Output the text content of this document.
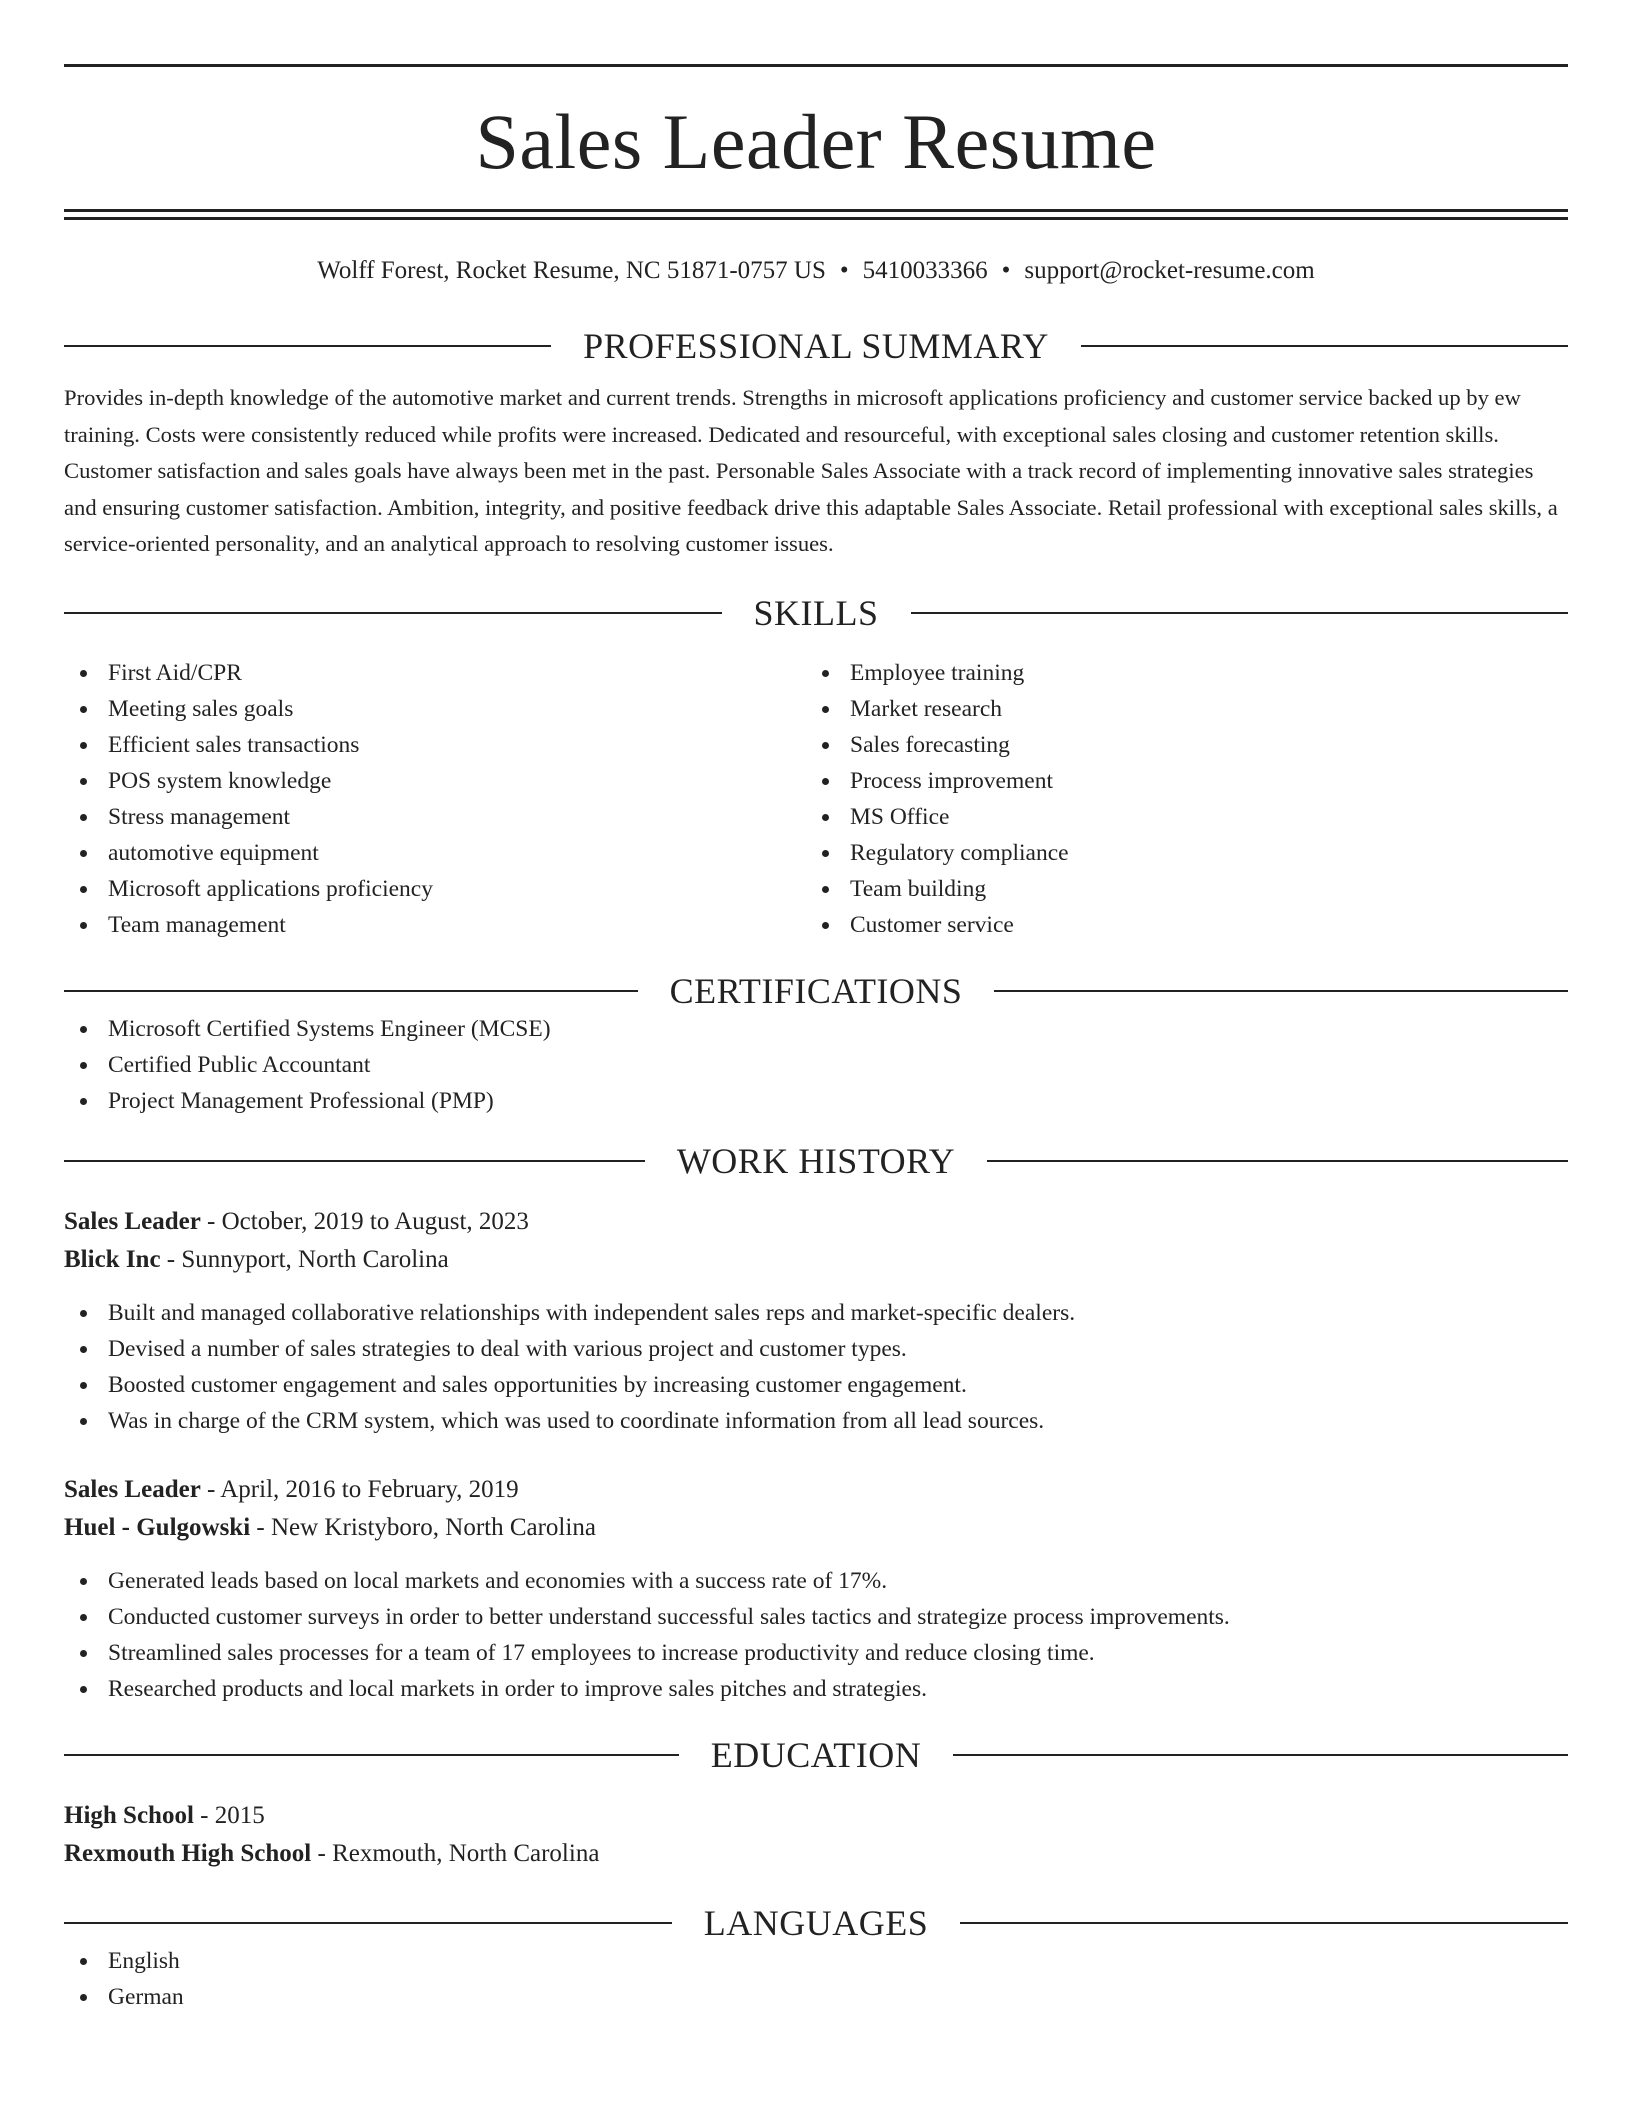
Sales Leader Resume
Wolff Forest, Rocket Resume, NC 51871-0757 US • 5410033366 • support@rocket-resume.com
PROFESSIONAL SUMMARY
Provides in-depth knowledge of the automotive market and current trends. Strengths in microsoft applications proficiency and customer service backed up by ew training. Costs were consistently reduced while profits were increased. Dedicated and resourceful, with exceptional sales closing and customer retention skills. Customer satisfaction and sales goals have always been met in the past. Personable Sales Associate with a track record of implementing innovative sales strategies and ensuring customer satisfaction. Ambition, integrity, and positive feedback drive this adaptable Sales Associate. Retail professional with exceptional sales skills, a service-oriented personality, and an analytical approach to resolving customer issues.
SKILLS
First Aid/CPR
Meeting sales goals
Efficient sales transactions
POS system knowledge
Stress management
automotive equipment
Microsoft applications proficiency
Team management
Employee training
Market research
Sales forecasting
Process improvement
MS Office
Regulatory compliance
Team building
Customer service
CERTIFICATIONS
Microsoft Certified Systems Engineer (MCSE)
Certified Public Accountant
Project Management Professional (PMP)
WORK HISTORY
Sales Leader - October, 2019 to August, 2023
Blick Inc - Sunnyport, North Carolina
Built and managed collaborative relationships with independent sales reps and market-specific dealers.
Devised a number of sales strategies to deal with various project and customer types.
Boosted customer engagement and sales opportunities by increasing customer engagement.
Was in charge of the CRM system, which was used to coordinate information from all lead sources.
Sales Leader - April, 2016 to February, 2019
Huel - Gulgowski - New Kristyboro, North Carolina
Generated leads based on local markets and economies with a success rate of 17%.
Conducted customer surveys in order to better understand successful sales tactics and strategize process improvements.
Streamlined sales processes for a team of 17 employees to increase productivity and reduce closing time.
Researched products and local markets in order to improve sales pitches and strategies.
EDUCATION
High School - 2015
Rexmouth High School - Rexmouth, North Carolina
LANGUAGES
English
German
